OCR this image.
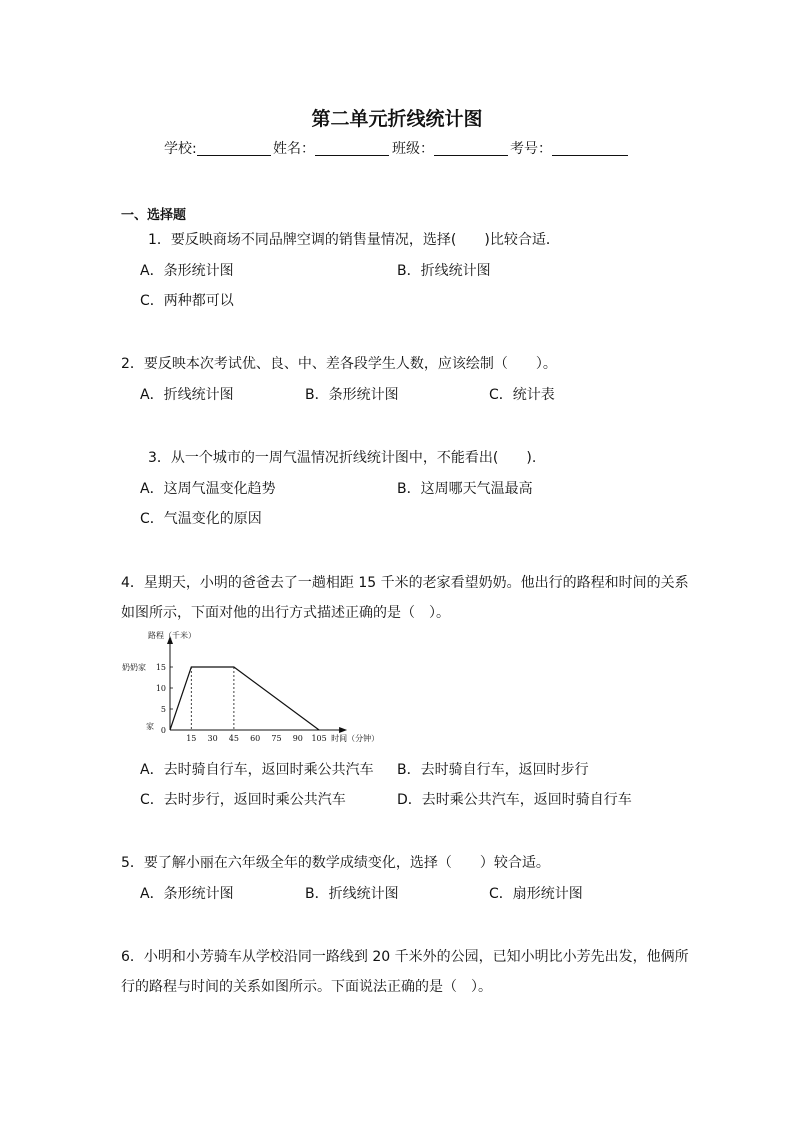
第二单元折线统计图
学校:	姓名：	班级：	考号：
一、选择题
1．要反映商场不同品牌空调的销售量情况，选择(　　)比较合适．
A．条形统计图	B．折线统计图
C．两种都可以
2．要反映本次考试优、良、中、差各段学生人数，应该绘制（　　）。
A．折线统计图	B．条形统计图	C．统计表
3．从一个城市的一周气温情况折线统计图中，不能看出(　　).
A．这周气温变化趋势	B．这周哪天气温最高
C．气温变化的原因
4．星期天，小明的爸爸去了一趟相距 15 千米的老家看望奶奶。他出行的路程和时间的关系
如图所示，下面对他的出行方式描述正确的是（　）。
路程（千米）
时间（分钟）
奶奶家
家 0
5
10
15
15 30 45 60 75 90 105
A．去时骑自行车，返回时乘公共汽车 B．去时骑自行车，返回时步行
C．去时步行，返回时乘公共汽车	D．去时乘公共汽车，返回时骑自行车
5．要了解小丽在六年级全年的数学成绩变化，选择（　　）较合适。
A．条形统计图	B．折线统计图	C．扇形统计图
6．小明和小芳骑车从学校沿同一路线到 20 千米外的公园，已知小明比小芳先出发，他俩所
行的路程与时间的关系如图所示。下面说法正确的是（　）。
